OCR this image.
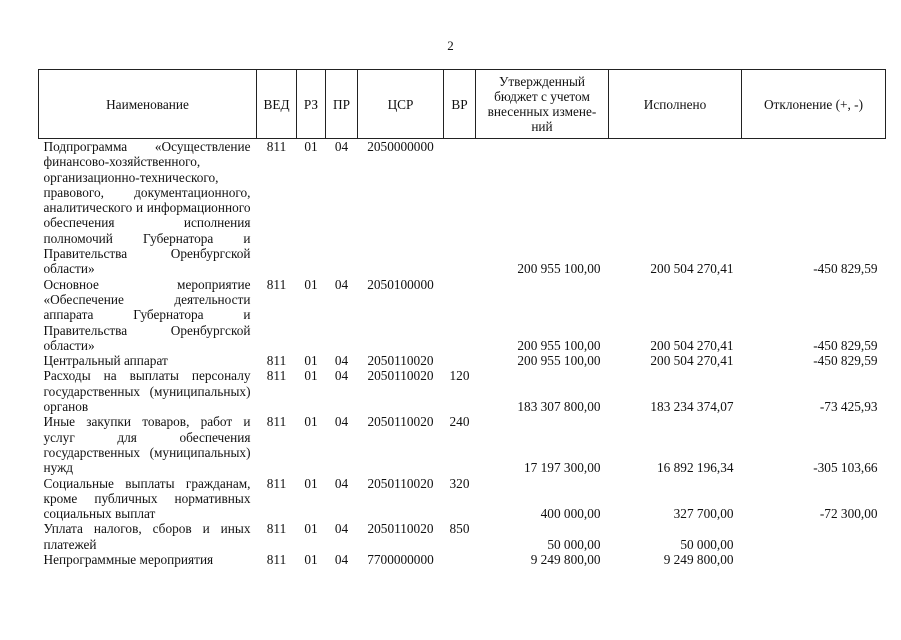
2
Наименование	ВЕД	РЗ	ПР	ЦСР	ВР	Утвержденный бюджет с учетом внесенных измене-ний	Исполнено	Отклонение (+, -)
Подпрограмма «Осуществление финансово-хозяйственного, организационно-технического, правового, документационного, аналитического и информационного обеспечения исполнения полномочий Губернатора и Правительства Оренбургской области»	811	01	04	2050000000		200 955 100,00	200 504 270,41	-450 829,59
Основное мероприятие «Обеспечение деятельности аппарата Губернатора и Правительства Оренбургской области»	811	01	04	2050100000		200 955 100,00	200 504 270,41	-450 829,59
Центральный аппарат	811	01	04	2050110020		200 955 100,00	200 504 270,41	-450 829,59
Расходы на выплаты персоналу государственных (муниципальных) органов	811	01	04	2050110020	120	183 307 800,00	183 234 374,07	-73 425,93
Иные закупки товаров, работ и услуг для обеспечения государственных (муниципальных) нужд	811	01	04	2050110020	240	17 197 300,00	16 892 196,34	-305 103,66
Социальные выплаты гражданам, кроме публичных нормативных социальных выплат	811	01	04	2050110020	320	400 000,00	327 700,00	-72 300,00
Уплата налогов, сборов и иных платежей	811	01	04	2050110020	850	50 000,00	50 000,00	
Непрограммные мероприятия	811	01	04	7700000000		9 249 800,00	9 249 800,00	
